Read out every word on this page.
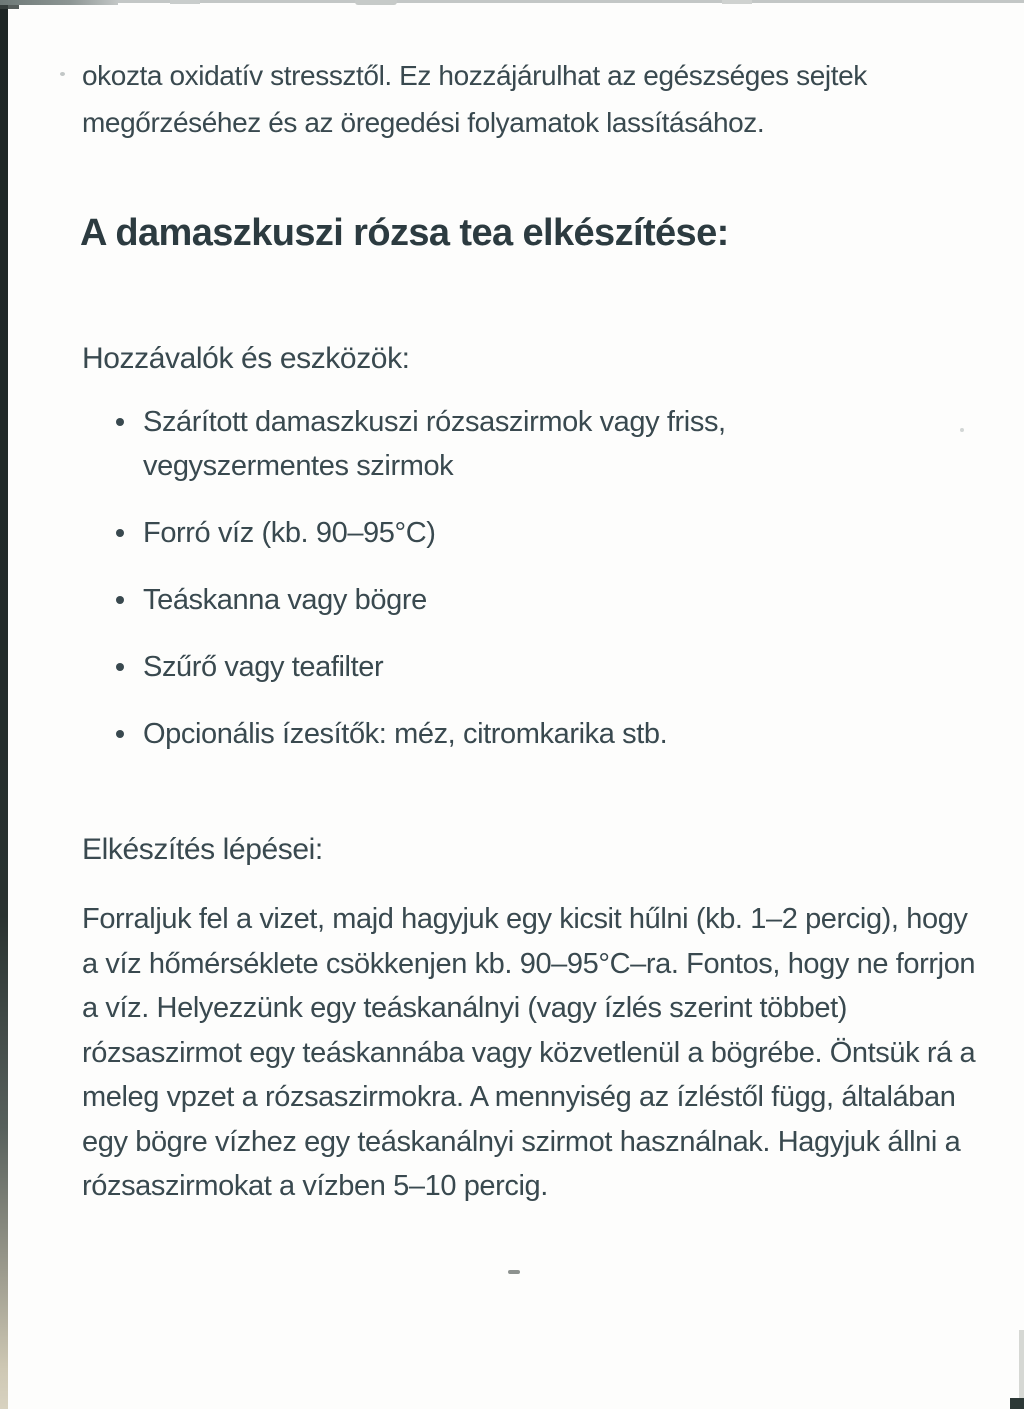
okozta oxidatív stressztől. Ez hozzájárulhat az egészséges sejtek megőrzéséhez és az öregedési folyamatok lassításához.

A damaszkuszi rózsa tea elkészítése:

Hozzávalók és eszközök:

Szárított damaszkuszi rózsaszirmok vagy friss, vegyszermentes szirmok
Forró víz (kb. 90–95°C)
Teáskanna vagy bögre
Szűrő vagy teafilter
Opcionális ízesítők: méz, citromkarika stb.

Elkészítés lépései:

Forraljuk fel a vizet, majd hagyjuk egy kicsit hűlni (kb. 1–2 percig), hogy a víz hőmérséklete csökkenjen kb. 90–95°C–ra. Fontos, hogy ne forrjon a víz. Helyezzünk egy teáskanálnyi (vagy ízlés szerint többet) rózsaszirmot egy teáskannába vagy közvetlenül a bögrébe. Öntsük rá a meleg vpzet a rózsaszirmokra. A mennyiség az ízléstől függ, általában egy bögre vízhez egy teáskanálnyi szirmot használnak. Hagyjuk állni a rózsaszirmokat a vízben 5–10 percig.
